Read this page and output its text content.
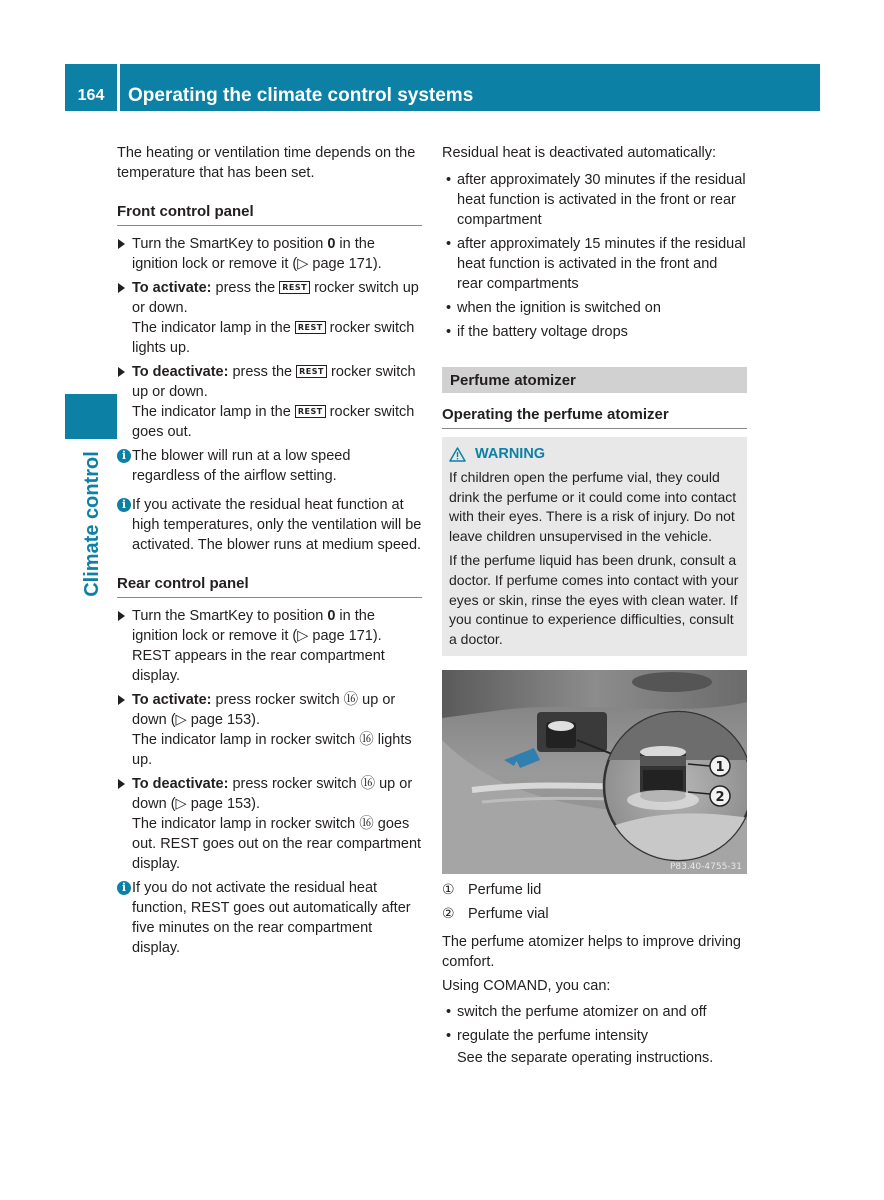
164	Operating the climate control systems
Climate control

The heating or ventilation time depends on the temperature that has been set.

Front control panel
Turn the SmartKey to position 0 in the ignition lock or remove it (▷ page 171).
To activate: press the REST rocker switch up or down.
The indicator lamp in the REST rocker switch lights up.
To deactivate: press the REST rocker switch up or down.
The indicator lamp in the REST rocker switch goes out.
i The blower will run at a low speed regardless of the airflow setting.
i If you activate the residual heat function at high temperatures, only the ventilation will be activated. The blower runs at medium speed.
Rear control panel
Turn the SmartKey to position 0 in the ignition lock or remove it (▷ page 171). REST appears in the rear compartment display.
To activate: press rocker switch ⑯ up or down (▷ page 153).
The indicator lamp in rocker switch ⑯ lights up.
To deactivate: press rocker switch ⑯ up or down (▷ page 153).
The indicator lamp in rocker switch ⑯ goes out. REST goes out on the rear compartment display.
i If you do not activate the residual heat function, REST goes out automatically after five minutes on the rear compartment display.

Residual heat is deactivated automatically:

• after approximately 30 minutes if the residual heat function is activated in the front or rear compartment
• after approximately 15 minutes if the residual heat function is activated in the front and rear compartments
• when the ignition is switched on
• if the battery voltage drops
Perfume atomizer
Operating the perfume atomizer
WARNING

If children open the perfume vial, they could drink the perfume or it could come into contact with their eyes. There is a risk of injury. Do not leave children unsupervised in the vehicle.

If the perfume liquid has been drunk, consult a doctor. If perfume comes into contact with your eyes or skin, rinse the eyes with clean water. If you continue to experience difficulties, consult a doctor.

1
2
P83.40-4755-31
① Perfume lid
② Perfume vial

The perfume atomizer helps to improve driving comfort.

Using COMAND, you can:

• switch the perfume atomizer on and off
• regulate the perfume intensity
See the separate operating instructions.
